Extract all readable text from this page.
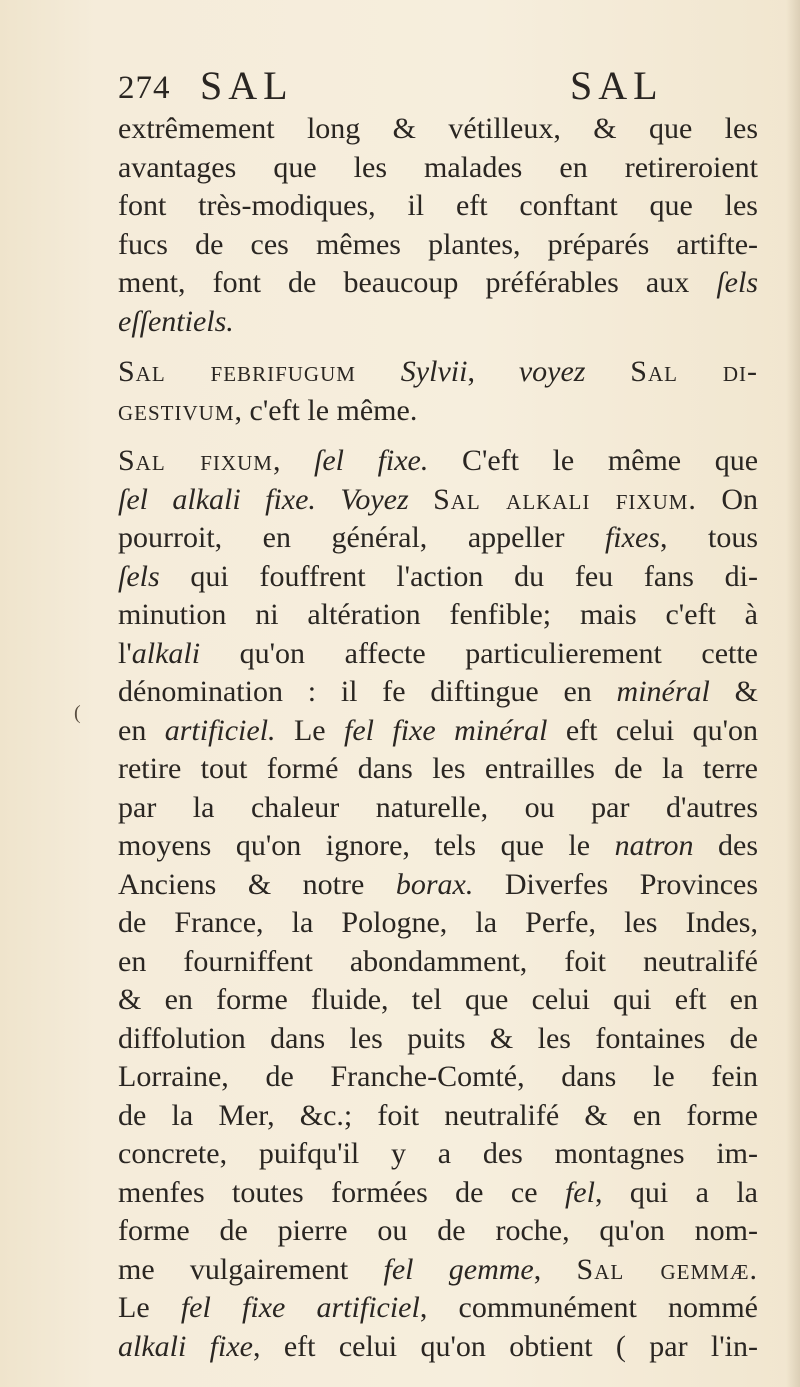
274 SAL	SAL
(
extrêmement long & vétilleux, & que les
avantages que les malades en retireroient
font très-modiques, il eft conftant que les
fucs de ces mêmes plantes, préparés artifte-
ment, font de beaucoup préférables aux ſels
eſſentiels.
Sal febrifugum Sylvii, voyez Sal di-
gestivum, c'eft le même.
Sal fixum, ſel fixe. C'eft le même que
ſel alkali fixe. Voyez Sal alkali fixum. On
pourroit, en général, appeller fixes, tous
ſels qui fouffrent l'action du feu fans di-
minution ni altération fenfible; mais c'eft à
l'alkali qu'on affecte particulierement cette
dénomination : il fe diftingue en minéral &
en artificiel. Le fel fixe minéral eft celui qu'on
retire tout formé dans les entrailles de la terre
par la chaleur naturelle, ou par d'autres
moyens qu'on ignore, tels que le natron des
Anciens & notre borax. Diverfes Provinces
de France, la Pologne, la Perfe, les Indes,
en fourniffent abondamment, foit neutralifé
& en forme fluide, tel que celui qui eft en
diffolution dans les puits & les fontaines de
Lorraine, de Franche-Comté, dans le fein
de la Mer, &c.; foit neutralifé & en forme
concrete, puifqu'il y a des montagnes im-
menfes toutes formées de ce fel, qui a la
forme de pierre ou de roche, qu'on nom-
me vulgairement fel gemme, Sal gemmæ.
Le fel fixe artificiel, communément nommé
alkali fixe, eft celui qu'on obtient ( par l'in-
